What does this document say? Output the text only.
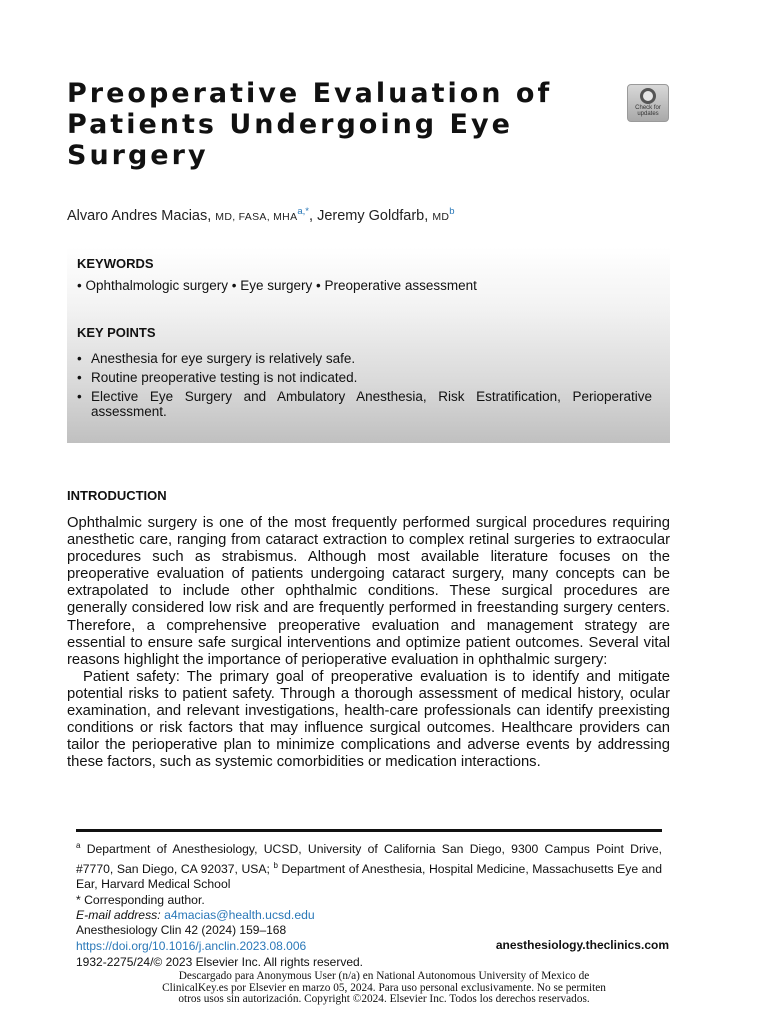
Preoperative Evaluation of Patients Undergoing Eye Surgery
Check for
updates
Alvaro Andres Macias, MD, FASA, $MHA^{a,*}$, Jeremy Goldfarb, $MD^b$
KEYWORDS
• Ophthalmologic surgery • Eye surgery • Preoperative assessment
KEY POINTS
• Anesthesia for eye surgery is relatively safe.
• Routine preoperative testing is not indicated.
• Elective Eye Surgery and Ambulatory Anesthesia, Risk Estratification, Perioperative assessment.
INTRODUCTION

Ophthalmic surgery is one of the most frequently performed surgical procedures requiring anesthetic care, ranging from cataract extraction to complex retinal surgeries to extraocular procedures such as strabismus. Although most available literature focuses on the preoperative evaluation of patients undergoing cataract surgery, many concepts can be extrapolated to include other ophthalmic conditions. These surgical procedures are generally considered low risk and are frequently performed in freestanding surgery centers. Therefore, a comprehensive preoperative evaluation and management strategy are essential to ensure safe surgical interventions and optimize patient outcomes. Several vital reasons highlight the importance of perioperative evaluation in ophthalmic surgery:

Patient safety: The primary goal of preoperative evaluation is to identify and mitigate potential risks to patient safety. Through a thorough assessment of medical history, ocular examination, and relevant investigations, health-care professionals can identify preexisting conditions or risk factors that may influence surgical outcomes. Healthcare providers can tailor the perioperative plan to minimize complications and adverse events by addressing these factors, such as systemic comorbidities or medication interactions.

$^a$ Department of Anesthesiology, UCSD, University of California San Diego, 9300 Campus Point Drive, #7770, San Diego, CA 92037, USA; $^b$ Department of Anesthesia, Hospital Medicine, Massachusetts Eye and Ear, Harvard Medical School

* Corresponding author.

E-mail address: a4macias@health.ucsd.edu

Anesthesiology Clin 42 (2024) 159–168
https://doi.org/10.1016/j.anclin.2023.08.006
1932-2275/24/© 2023 Elsevier Inc. All rights reserved.
anesthesiology.theclinics.com
Descargado para Anonymous User (n/a) en National Autonomous University of Mexico de ClinicalKey.es por Elsevier en marzo 05, 2024. Para uso personal exclusivamente. No se permiten otros usos sin autorización. Copyright ©2024. Elsevier Inc. Todos los derechos reservados.
